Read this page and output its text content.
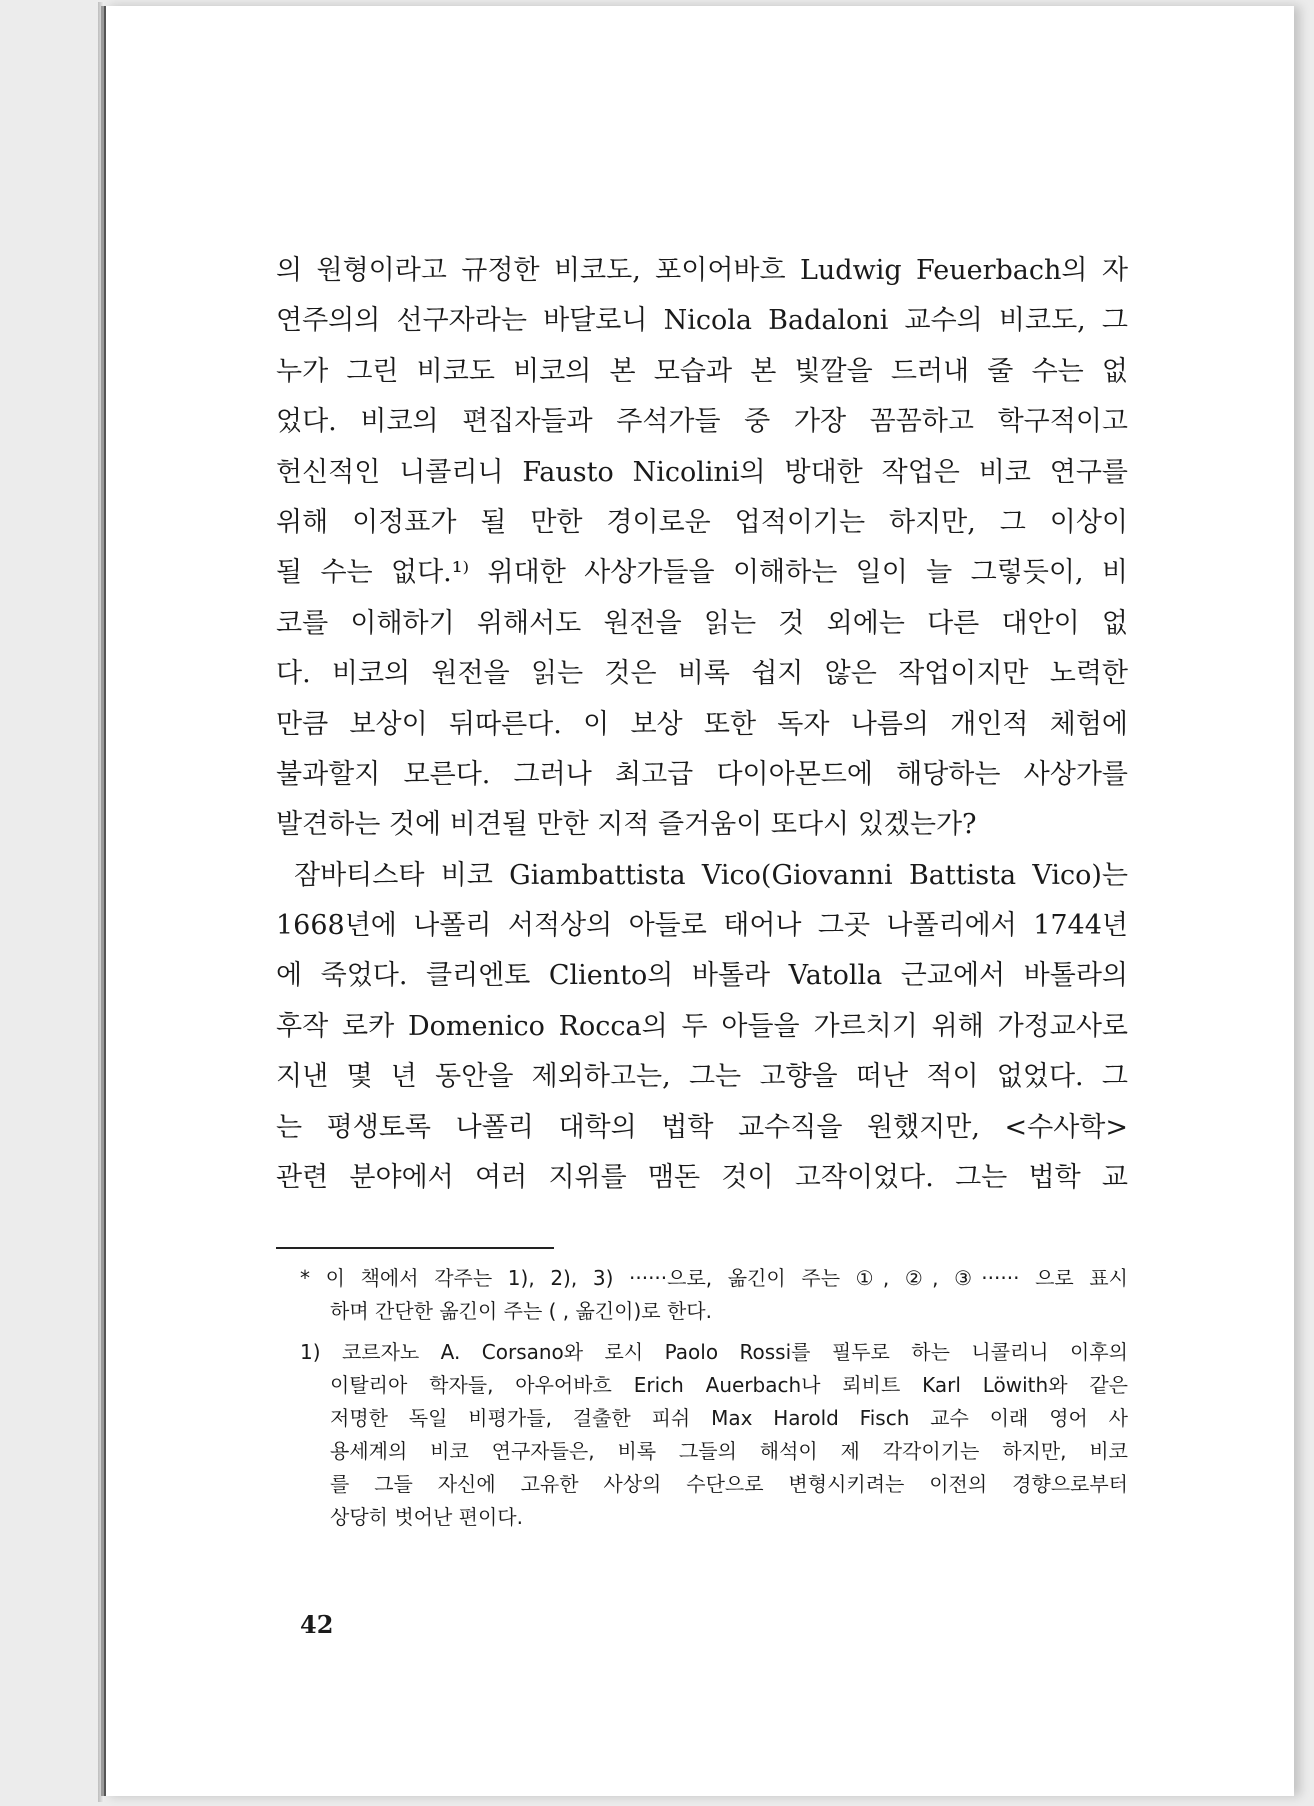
의 원형이라고 규정한 비코도, 포이어바흐 Ludwig Feuerbach의 자
연주의의 선구자라는 바달로니 Nicola Badaloni 교수의 비코도, 그
누가 그린 비코도 비코의 본 모습과 본 빛깔을 드러내 줄 수는 없
었다. 비코의 편집자들과 주석가들 중 가장 꼼꼼하고 학구적이고
헌신적인 니콜리니 Fausto Nicolini의 방대한 작업은 비코 연구를
위해 이정표가 될 만한 경이로운 업적이기는 하지만, 그 이상이
될 수는 없다.¹⁾ 위대한 사상가들을 이해하는 일이 늘 그렇듯이, 비
코를 이해하기 위해서도 원전을 읽는 것 외에는 다른 대안이 없
다. 비코의 원전을 읽는 것은 비록 쉽지 않은 작업이지만 노력한
만큼 보상이 뒤따른다. 이 보상 또한 독자 나름의 개인적 체험에
불과할지 모른다. 그러나 최고급 다이아몬드에 해당하는 사상가를
발견하는 것에 비견될 만한 지적 즐거움이 또다시 있겠는가?
잠바티스타 비코 Giambattista Vico(Giovanni Battista Vico)는
1668년에 나폴리 서적상의 아들로 태어나 그곳 나폴리에서 1744년
에 죽었다. 클리엔토 Cliento의 바톨라 Vatolla 근교에서 바톨라의
후작 로카 Domenico Rocca의 두 아들을 가르치기 위해 가정교사로
지낸 몇 년 동안을 제외하고는, 그는 고향을 떠난 적이 없었다. 그
는 평생토록 나폴리 대학의 법학 교수직을 원했지만, <수사학>
관련 분야에서 여러 지위를 맴돈 것이 고작이었다. 그는 법학 교
* 이 책에서 각주는 1), 2), 3) ······으로, 옮긴이 주는 ①, ②, ③······ 으로 표시
하며 간단한 옮긴이 주는 ( , 옮긴이)로 한다.
1) 코르자노 A. Corsano와 로시 Paolo Rossi를 필두로 하는 니콜리니 이후의
이탈리아 학자들, 아우어바흐 Erich Auerbach나 뢰비트 Karl Löwith와 같은
저명한 독일 비평가들, 걸출한 피쉬 Max Harold Fisch 교수 이래 영어 사
용세계의 비코 연구자들은, 비록 그들의 해석이 제 각각이기는 하지만, 비코
를 그들 자신에 고유한 사상의 수단으로 변형시키려는 이전의 경향으로부터
상당히 벗어난 편이다.
42
